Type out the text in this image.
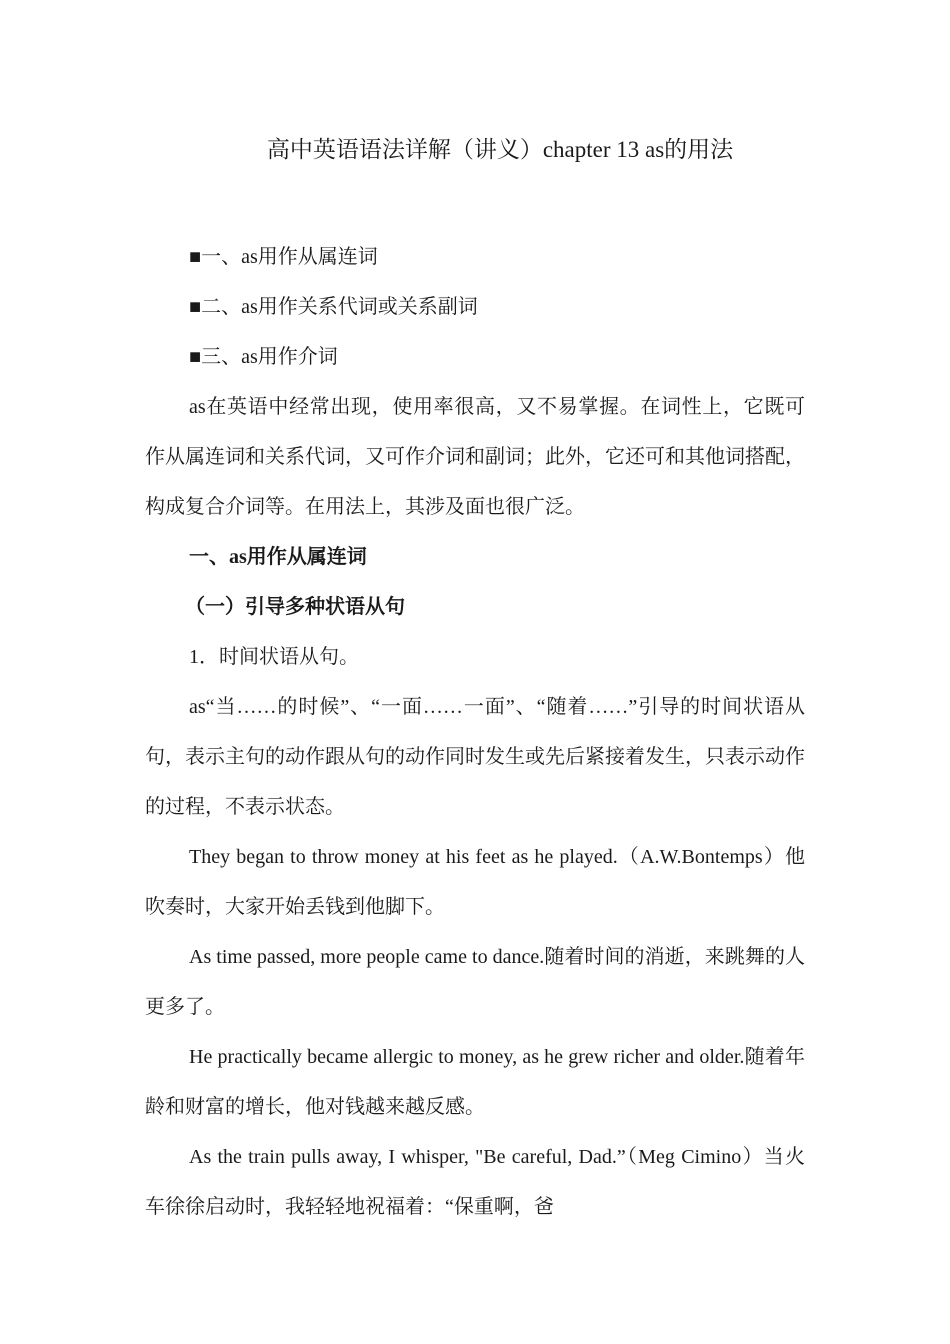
高中英语语法详解（讲义）chapter 13 as的用法

■一、as用作从属连词

■二、as用作关系代词或关系副词

■三、as用作介词

as在英语中经常出现，使用率很高，又不易掌握。在词性上，它既可作从属连词和关系代词，又可作介词和副词；此外，它还可和其他词搭配，构成复合介词等。在用法上，其涉及面也很广泛。

一、as用作从属连词

（一）引导多种状语从句

1．时间状语从句。

as“当……的时候”、“一面……一面”、“随着……”引导的时间状语从句，表示主句的动作跟从句的动作同时发生或先后紧接着发生，只表示动作的过程，不表示状态。

They began to throw money at his feet as he played.（A.W.Bontemps）他吹奏时，大家开始丢钱到他脚下。

As time passed, more people came to dance.随着时间的消逝，来跳舞的人更多了。

He practically became allergic to money, as he grew richer and older.随着年龄和财富的增长，他对钱越来越反感。

As the train pulls away, I whisper, "Be careful, Dad.”（Meg Cimino）当火车徐徐启动时，我轻轻地祝福着：“保重啊，爸
